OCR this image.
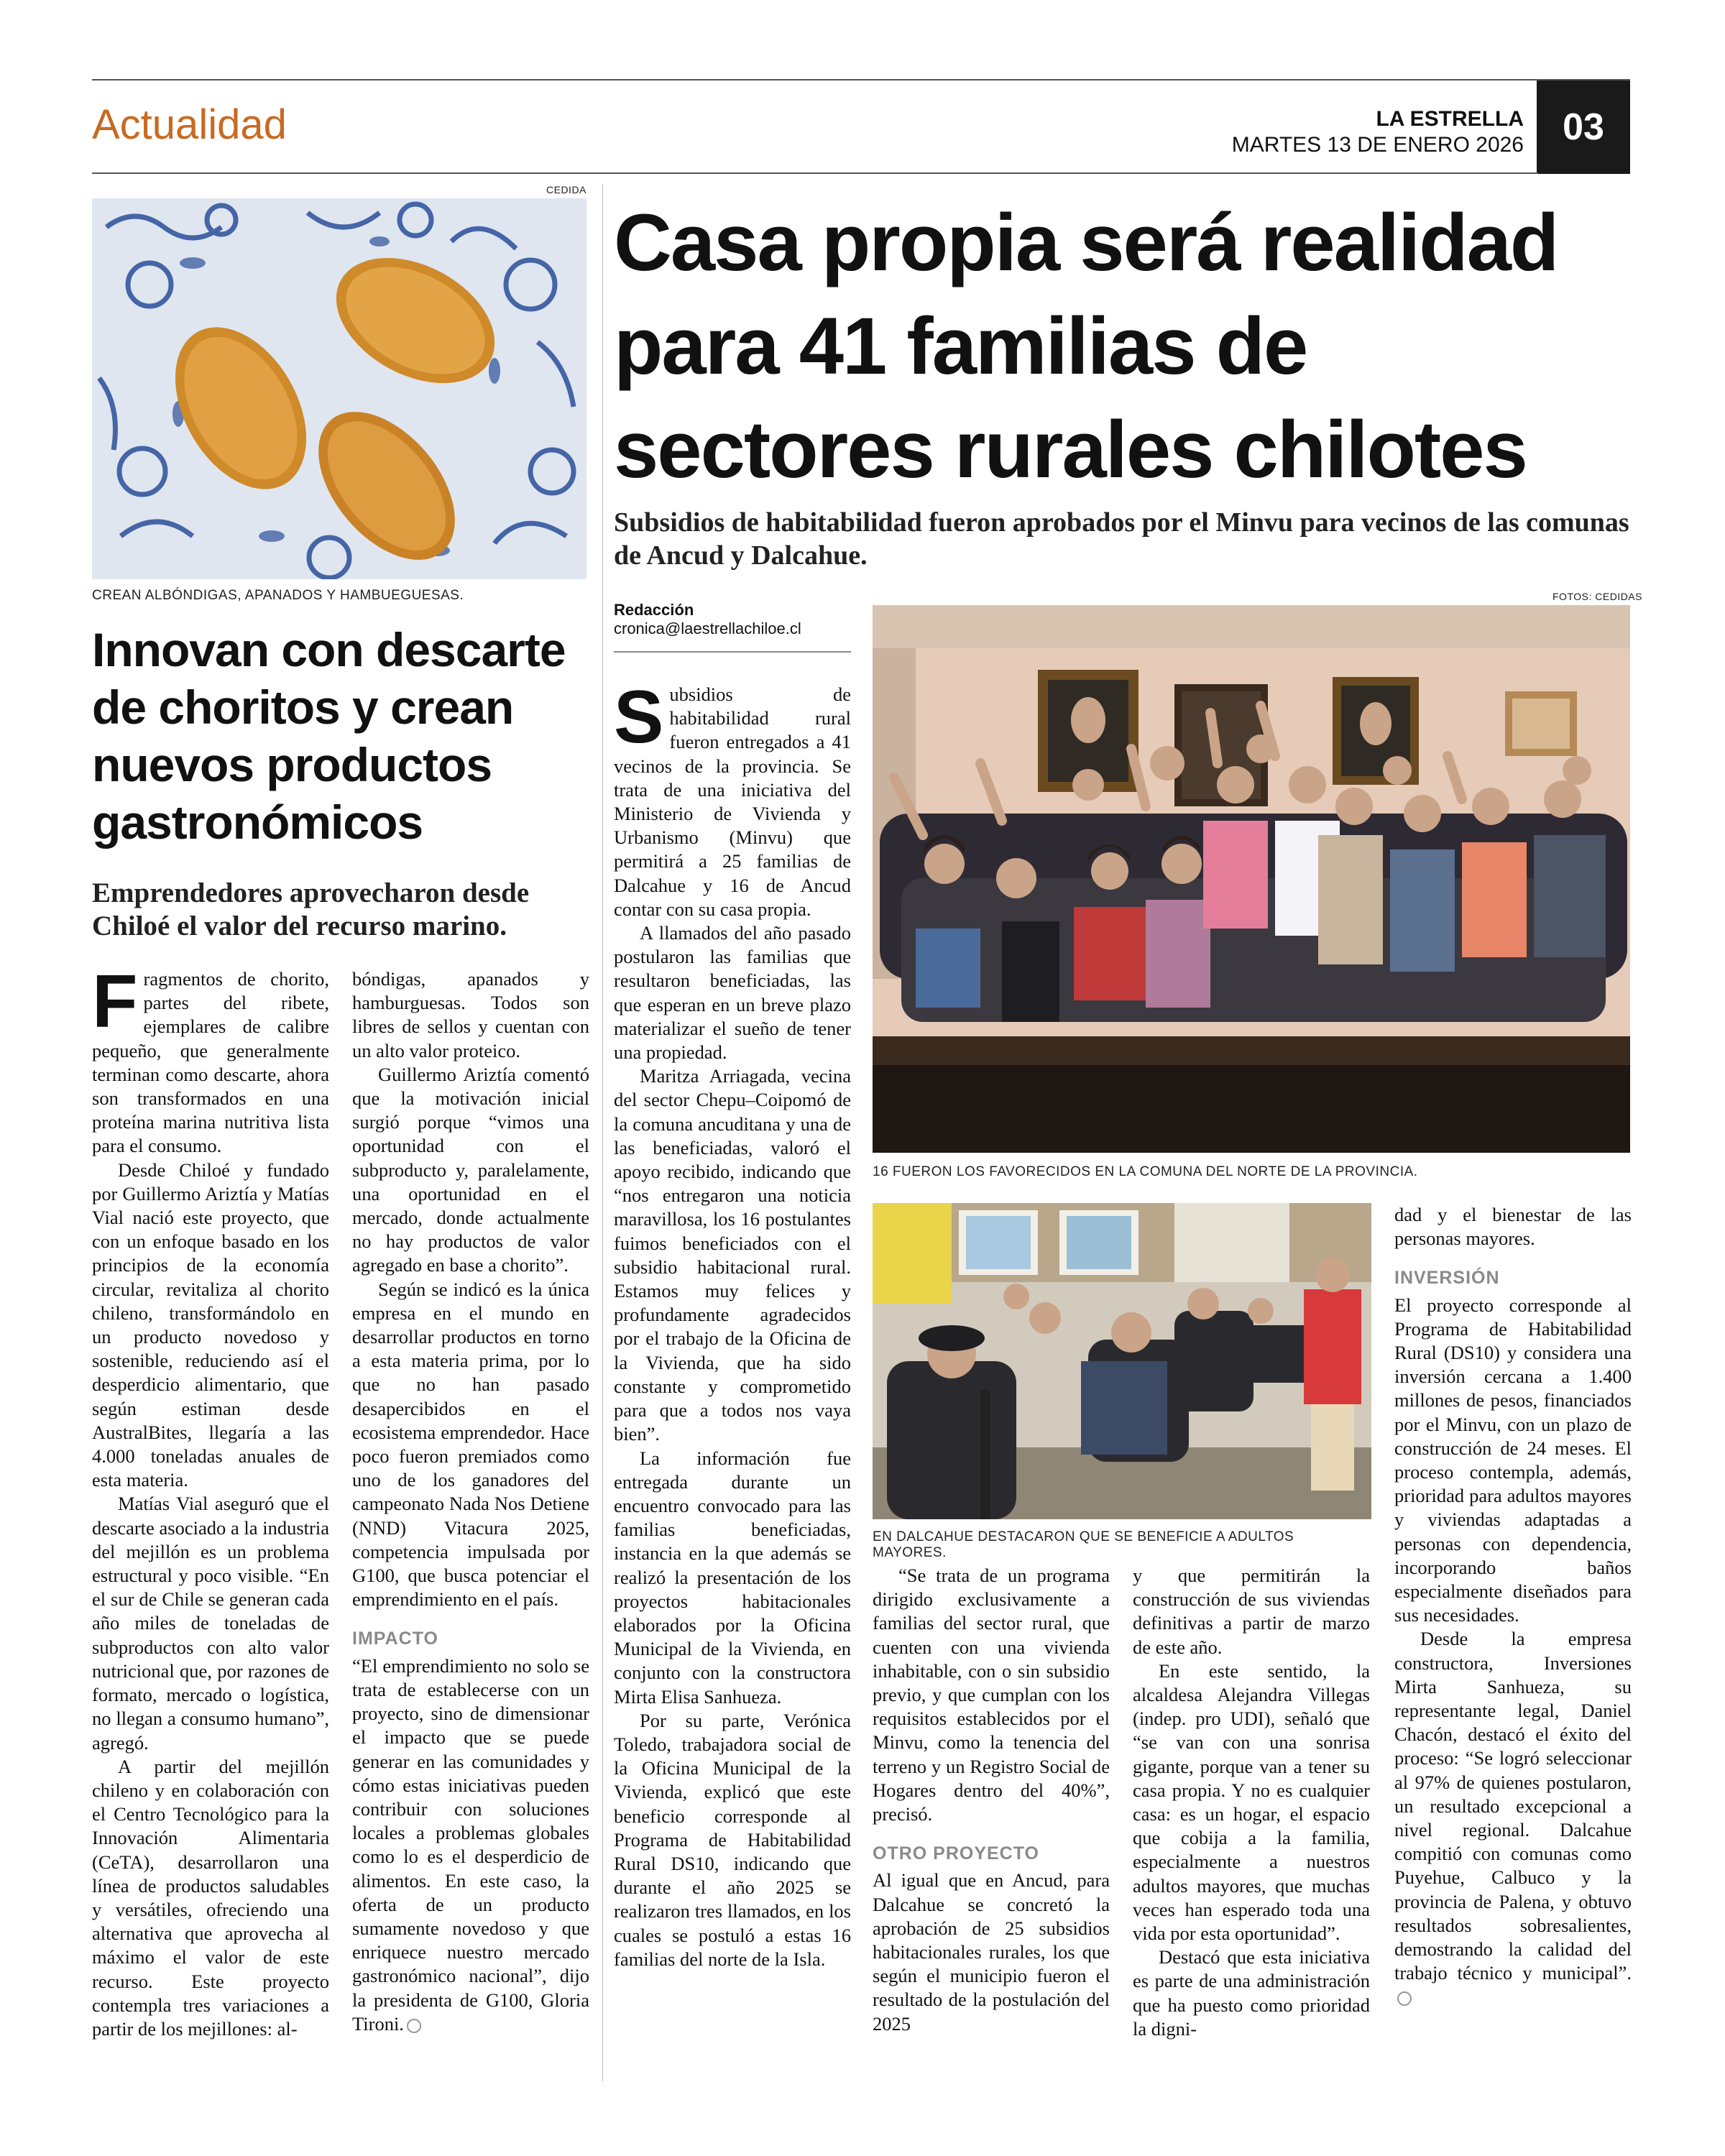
Actualidad	LA ESTRELLA
MARTES 13 DE ENERO 2026	03
CEDIDA
CREAN ALBÓNDIGAS, APANADOS Y HAMBUEGUESAS.
Innovan con descarte de choritos y crean nuevos productos gastronómicos
Emprendedores aprovecharon desde Chiloé el valor del recurso marino.

Fragmentos de chorito, partes del ribete, ejemplares de calibre pequeño, que generalmente terminan como descarte, ahora son transformados en una proteína marina nutritiva lista para el consumo.

Desde Chiloé y fundado por Guillermo Ariztía y Matías Vial nació este proyecto, que con un enfoque basado en los principios de la economía circular, revitaliza al chorito chileno, transformándolo en un producto novedoso y sostenible, reduciendo así el desperdicio alimentario, que según estiman desde AustralBites, llegaría a las 4.000 toneladas anuales de esta materia.

Matías Vial aseguró que el descarte asociado a la industria del mejillón es un problema estructural y poco visible. “En el sur de Chile se generan cada año miles de toneladas de subproductos con alto valor nutricional que, por razones de formato, mercado o logística, no llegan a consumo humano”, agregó.

A partir del mejillón chileno y en colaboración con el Centro Tecnológico para la Innovación Alimentaria (CeTA), desarrollaron una línea de productos saludables y versátiles, ofreciendo una alternativa que aprovecha al máximo el valor de este recurso. Este proyecto contempla tres variaciones a partir de los mejillones: al-

bóndigas, apanados y hamburguesas. Todos son libres de sellos y cuentan con un alto valor proteico.

Guillermo Ariztía comentó que la motivación inicial surgió porque “vimos una oportunidad con el subproducto y, paralelamente, una oportunidad en el mercado, donde actualmente no hay productos de valor agregado en base a chorito”.

Según se indicó es la única empresa en el mundo en desarrollar productos en torno a esta materia prima, por lo que no han pasado desapercibidos en el ecosistema emprendedor. Hace poco fueron premiados como uno de los ganadores del campeonato Nada Nos Detiene (NND) Vitacura 2025, competencia impulsada por G100, que busca potenciar el emprendimiento en el país.

IMPACTO

“El emprendimiento no solo se trata de establecerse con un proyecto, sino de dimensionar el impacto que se puede generar en las comunidades y cómo estas iniciativas pueden contribuir con soluciones locales a problemas globales como lo es el desperdicio de alimentos. En este caso, la oferta de un producto sumamente novedoso y que enriquece nuestro mercado gastronómico nacional”, dijo la presidenta de G100, Gloria Tironi.

Casa propia será realidad
para 41 familias de
sectores rurales chilotes
Subsidios de habitabilidad fueron aprobados por el Minvu para vecinos de las comunas de Ancud y Dalcahue.
Redacción
cronica@laestrellachiloe.cl
FOTOS: CEDIDAS
16 FUERON LOS FAVORECIDOS EN LA COMUNA DEL NORTE DE LA PROVINCIA.
EN DALCAHUE DESTACARON QUE SE BENEFICIE A ADULTOS MAYORES.

Subsidios de habitabilidad rural fueron entregados a 41 vecinos de la provincia. Se trata de una iniciativa del Ministerio de Vivienda y Urbanismo (Minvu) que permitirá a 25 familias de Dalcahue y 16 de Ancud contar con su casa propia.

A llamados del año pasado postularon las familias que resultaron beneficiadas, las que esperan en un breve plazo materializar el sueño de tener una propiedad.

Maritza Arriagada, vecina del sector Chepu–Coipomó de la comuna ancuditana y una de las beneficiadas, valoró el apoyo recibido, indicando que “nos entregaron una noticia maravillosa, los 16 postulantes fuimos beneficiados con el subsidio habitacional rural. Estamos muy felices y profundamente agradecidos por el trabajo de la Oficina de la Vivienda, que ha sido constante y comprometido para que a todos nos vaya bien”.

La información fue entregada durante un encuentro convocado para las familias beneficiadas, instancia en la que además se realizó la presentación de los proyectos habitacionales elaborados por la Oficina Municipal de la Vivienda, en conjunto con la constructora Mirta Elisa Sanhueza.

Por su parte, Verónica Toledo, trabajadora social de la Oficina Municipal de la Vivienda, explicó que este beneficio corresponde al Programa de Habitabilidad Rural DS10, indicando que durante el año 2025 se realizaron tres llamados, en los cuales se postuló a estas 16 familias del norte de la Isla.

“Se trata de un programa dirigido exclusivamente a familias del sector rural, que cuenten con una vivienda inhabitable, con o sin subsidio previo, y que cumplan con los requisitos establecidos por el Minvu, como la tenencia del terreno y un Registro Social de Hogares dentro del 40%”, precisó.

OTRO PROYECTO

Al igual que en Ancud, para Dalcahue se concretó la aprobación de 25 subsidios habitacionales rurales, los que según el municipio fueron el resultado de la postulación del 2025

y que permitirán la construcción de sus viviendas definitivas a partir de marzo de este año.

En este sentido, la alcaldesa Alejandra Villegas (indep. pro UDI), señaló que “se van con una sonrisa gigante, porque van a tener su casa propia. Y no es cualquier casa: es un hogar, el espacio que cobija a la familia, especialmente a nuestros adultos mayores, que muchas veces han esperado toda una vida por esta oportunidad”.

Destacó que esta iniciativa es parte de una administración que ha puesto como prioridad la digni-

dad y el bienestar de las personas mayores.

INVERSIÓN

El proyecto corresponde al Programa de Habitabilidad Rural (DS10) y considera una inversión cercana a 1.400 millones de pesos, financiados por el Minvu, con un plazo de construcción de 24 meses. El proceso contempla, además, prioridad para adultos mayores y viviendas adaptadas a personas con dependencia, incorporando baños especialmente diseñados para sus necesidades.

Desde la empresa constructora, Inversiones Mirta Sanhueza, su representante legal, Daniel Chacón, destacó el éxito del proceso: “Se logró seleccionar al 97% de quienes postularon, un resultado excepcional a nivel regional. Dalcahue compitió con comunas como Puyehue, Calbuco y la provincia de Palena, y obtuvo resultados sobresalientes, demostrando la calidad del trabajo técnico y municipal”.
